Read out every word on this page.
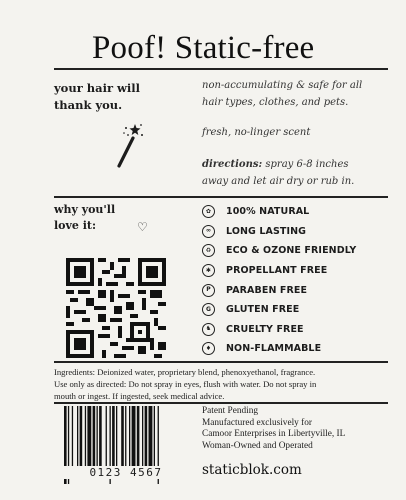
Poof! Static-free
your hair will
thank you.
non-accumulating & safe for all
hair types, clothes, and pets.
fresh, no-linger scent
directions: spray 6-8 inches
away and let air dry or rub in.
why you'll
love it:	♡
✿	100% NATURAL
∞	LONG LASTING
♻	ECO & OZONE FRIENDLY
✱	PROPELLANT FREE
P	PARABEN FREE
G	GLUTEN FREE
♞	CRUELTY FREE
♦	NON-FLAMMABLE
Ingredients: Deionized water, proprietary blend, phenoxyethanol, fragrance.
Use only as directed: Do not spray in eyes, flush with water. Do not spray in
mouth or ingest. If ingested, seek medical advice.
0123 4567
Patent Pending
Manufactured exclusively for
Camoor Enterprises in Libertyville, IL
Woman-Owned and Operated
staticblok.com
